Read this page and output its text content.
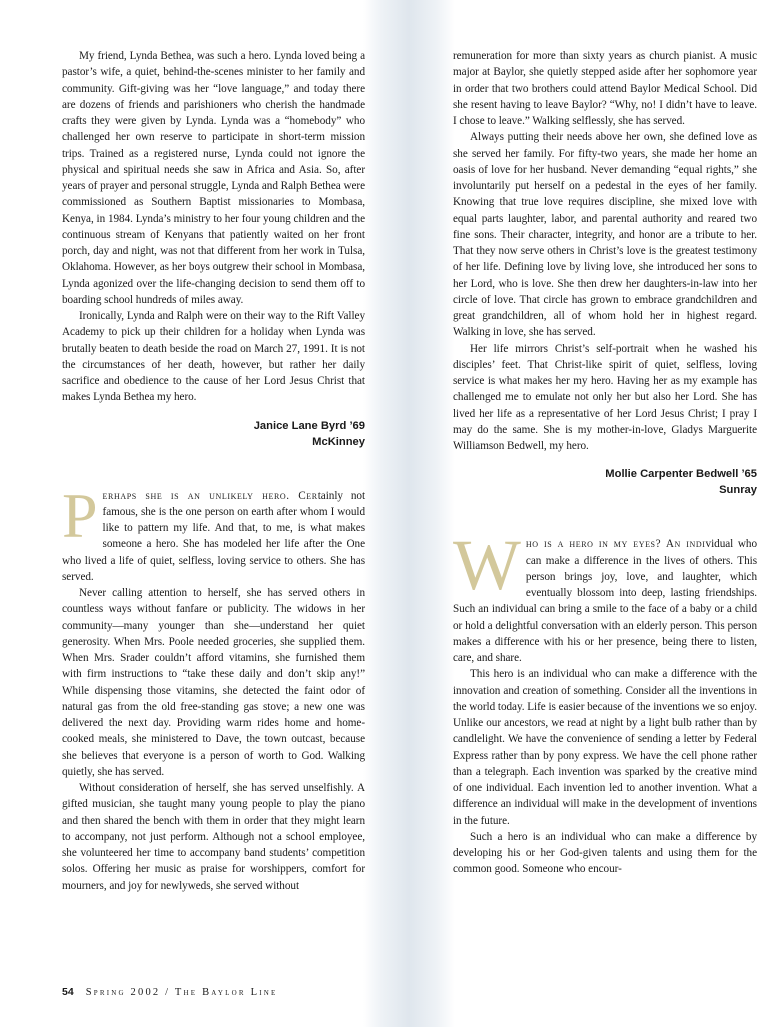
My friend, Lynda Bethea, was such a hero. Lynda loved being a pastor’s wife, a quiet, behind-the-scenes minister to her family and community. Gift-giving was her “love language,” and today there are dozens of friends and parishioners who cherish the handmade crafts they were given by Lynda. Lynda was a “homebody” who challenged her own reserve to participate in short-term mission trips. Trained as a registered nurse, Lynda could not ignore the physical and spiritual needs she saw in Africa and Asia. So, after years of prayer and personal struggle, Lynda and Ralph Bethea were commissioned as Southern Baptist missionaries to Mombasa, Kenya, in 1984. Lynda’s ministry to her four young children and the continuous stream of Kenyans that patiently waited on her front porch, day and night, was not that different from her work in Tulsa, Oklahoma. However, as her boys outgrew their school in Mombasa, Lynda agonized over the life-changing decision to send them off to boarding school hundreds of miles away.

Ironically, Lynda and Ralph were on their way to the Rift Valley Academy to pick up their children for a holiday when Lynda was brutally beaten to death beside the road on March 27, 1991. It is not the circumstances of her death, however, but rather her daily sacrifice and obedience to the cause of her Lord Jesus Christ that makes Lynda Bethea my hero.

Janice Lane Byrd ’69

McKinney

Perhaps she is an unlikely hero. Certainly not famous, she is the one person on earth after whom I would like to pattern my life. And that, to me, is what makes someone a hero. She has modeled her life after the One who lived a life of quiet, selfless, loving service to others. She has served.

Never calling attention to herself, she has served others in countless ways without fanfare or publicity. The widows in her community—many younger than she—understand her quiet generosity. When Mrs. Poole needed groceries, she supplied them. When Mrs. Srader couldn’t afford vitamins, she furnished them with firm instructions to “take these daily and don’t skip any!” While dispensing those vitamins, she detected the faint odor of natural gas from the old free-standing gas stove; a new one was delivered the next day. Providing warm rides home and home-cooked meals, she ministered to Dave, the town outcast, because she believes that everyone is a person of worth to God. Walking quietly, she has served.

Without consideration of herself, she has served unselfishly. A gifted musician, she taught many young people to play the piano and then shared the bench with them in order that they might learn to accompany, not just perform. Although not a school employee, she volunteered her time to accompany band students’ competition solos. Offering her music as praise for worshippers, comfort for mourners, and joy for newlyweds, she served without

remuneration for more than sixty years as church pianist. A music major at Baylor, she quietly stepped aside after her sophomore year in order that two brothers could attend Baylor Medical School. Did she resent having to leave Baylor? “Why, no! I didn’t have to leave. I chose to leave.” Walking selflessly, she has served.

Always putting their needs above her own, she defined love as she served her family. For fifty-two years, she made her home an oasis of love for her husband. Never demanding “equal rights,” she involuntarily put herself on a pedestal in the eyes of her family. Knowing that true love requires discipline, she mixed love with equal parts laughter, labor, and parental authority and reared two fine sons. Their character, integrity, and honor are a tribute to her. That they now serve others in Christ’s love is the greatest testimony of her life. Defining love by living love, she introduced her sons to her Lord, who is love. She then drew her daughters-in-law into her circle of love. That circle has grown to embrace grandchildren and great grandchildren, all of whom hold her in highest regard. Walking in love, she has served.

Her life mirrors Christ’s self-portrait when he washed his disciples’ feet. That Christ-like spirit of quiet, selfless, loving service is what makes her my hero. Having her as my example has challenged me to emulate not only her but also her Lord. She has lived her life as a representative of her Lord Jesus Christ; I pray I may do the same. She is my mother-in-love, Gladys Marguerite Williamson Bedwell, my hero.

Mollie Carpenter Bedwell ’65

Sunray

Who is a hero in my eyes? An individual who can make a difference in the lives of others. This person brings joy, love, and laughter, which eventually blossom into deep, lasting friendships. Such an individual can bring a smile to the face of a baby or a child or hold a delightful conversation with an elderly person. This person makes a difference with his or her presence, being there to listen, care, and share.

This hero is an individual who can make a difference with the innovation and creation of something. Consider all the inventions in the world today. Life is easier because of the inventions we so enjoy. Unlike our ancestors, we read at night by a light bulb rather than by candlelight. We have the convenience of sending a letter by Federal Express rather than by pony express. We have the cell phone rather than a telegraph. Each invention was sparked by the creative mind of one individual. Each invention led to another invention. What a difference an individual will make in the development of inventions in the future.

Such a hero is an individual who can make a difference by developing his or her God-given talents and using them for the common good. Someone who encour-

54 Spring 2002 / The Baylor Line
